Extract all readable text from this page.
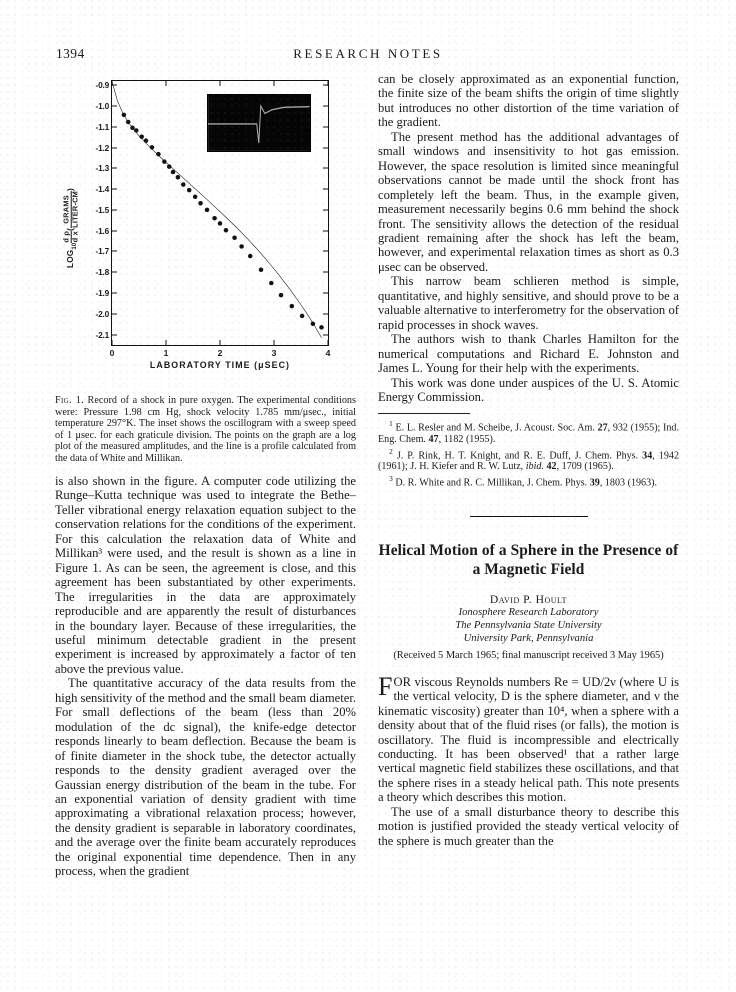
1394	RESEARCH NOTES
$LOG_{10}$
d ρ d x
(
GRAMS LITER-CM
)
-0.9
-1.0
-1.1
-1.2
-1.3
-1.4
-1.5
-1.6
-1.7
-1.8
-1.9
-2.0
-2.1
0	1	2	3	4
LABORATORY TIME (μSEC)

Fig. 1. Record of a shock in pure oxygen. The experimental conditions were: Pressure 1.98 cm Hg, shock velocity 1.785 mm/μsec., initial temperature 297°K. The inset shows the oscillogram with a sweep speed of 1 μsec. for each graticule division. The points on the graph are a log plot of the measured amplitudes, and the line is a profile calculated from the data of White and Millikan.

is also shown in the figure. A computer code utilizing the Runge–Kutta technique was used to integrate the Bethe–Teller vibrational energy relaxation equation subject to the conservation relations for the conditions of the experiment. For this calculation the relaxation data of White and Millikan³ were used, and the result is shown as a line in Figure 1. As can be seen, the agreement is close, and this agreement has been substantiated by other experiments. The irregularities in the data are approximately reproducible and are apparently the result of disturbances in the boundary layer. Because of these irregularities, the useful minimum detectable gradient in the present experiment is increased by approximately a factor of ten above the previous value.

The quantitative accuracy of the data results from the high sensitivity of the method and the small beam diameter. For small deflections of the beam (less than 20% modulation of the dc signal), the knife-edge detector responds linearly to beam deflection. Because the beam is of finite diameter in the shock tube, the detector actually responds to the density gradient averaged over the Gaussian energy distribution of the beam in the tube. For an exponential variation of density gradient with time approximating a vibrational relaxation process; however, the density gradient is separable in laboratory coordinates, and the average over the finite beam accurately reproduces the original exponential time dependence. Then in any process, when the gradient

can be closely approximated as an exponential function, the finite size of the beam shifts the origin of time slightly but introduces no other distortion of the time variation of the gradient.

The present method has the additional advantages of small windows and insensitivity to hot gas emission. However, the space resolution is limited since meaningful observations cannot be made until the shock front has completely left the beam. Thus, in the example given, measurement necessarily begins 0.6 mm behind the shock front. The sensitivity allows the detection of the residual gradient remaining after the shock has left the beam, however, and experimental relaxation times as short as 0.3 μsec can be observed.

This narrow beam schlieren method is simple, quantitative, and highly sensitive, and should prove to be a valuable alternative to interferometry for the observation of rapid processes in shock waves.

The authors wish to thank Charles Hamilton for the numerical computations and Richard E. Johnston and James L. Young for their help with the experiments.

This work was done under auspices of the U. S. Atomic Energy Commission.

$^1$ E. L. Resler and M. Scheibe, J. Acoust. Soc. Am. 27, 932 (1955); Ind. Eng. Chem. 47, 1182 (1955).

$^2$ J. P. Rink, H. T. Knight, and R. E. Duff, J. Chem. Phys. 34, 1942 (1961); J. H. Kiefer and R. W. Lutz, ibid. 42, 1709 (1965).

$^3$ D. R. White and R. C. Millikan, J. Chem. Phys. 39, 1803 (1963).

Helical Motion of a Sphere in the Presence of a Magnetic Field
David P. Hoult
Ionosphere Research Laboratory
The Pennsylvania State University
University Park, Pennsylvania
(Received 5 March 1965; final manuscript received 3 May 1965)

FOR viscous Reynolds numbers Re = UD/2ν (where U is the vertical velocity, D is the sphere diameter, and ν the kinematic viscosity) greater than 10⁴, when a sphere with a density about that of the fluid rises (or falls), the motion is oscillatory. The fluid is incompressible and electrically conducting. It has been observed¹ that a rather large vertical magnetic field stabilizes these oscillations, and that the sphere rises in a steady helical path. This note presents a theory which describes this motion.

The use of a small disturbance theory to describe this motion is justified provided the steady vertical velocity of the sphere is much greater than the
